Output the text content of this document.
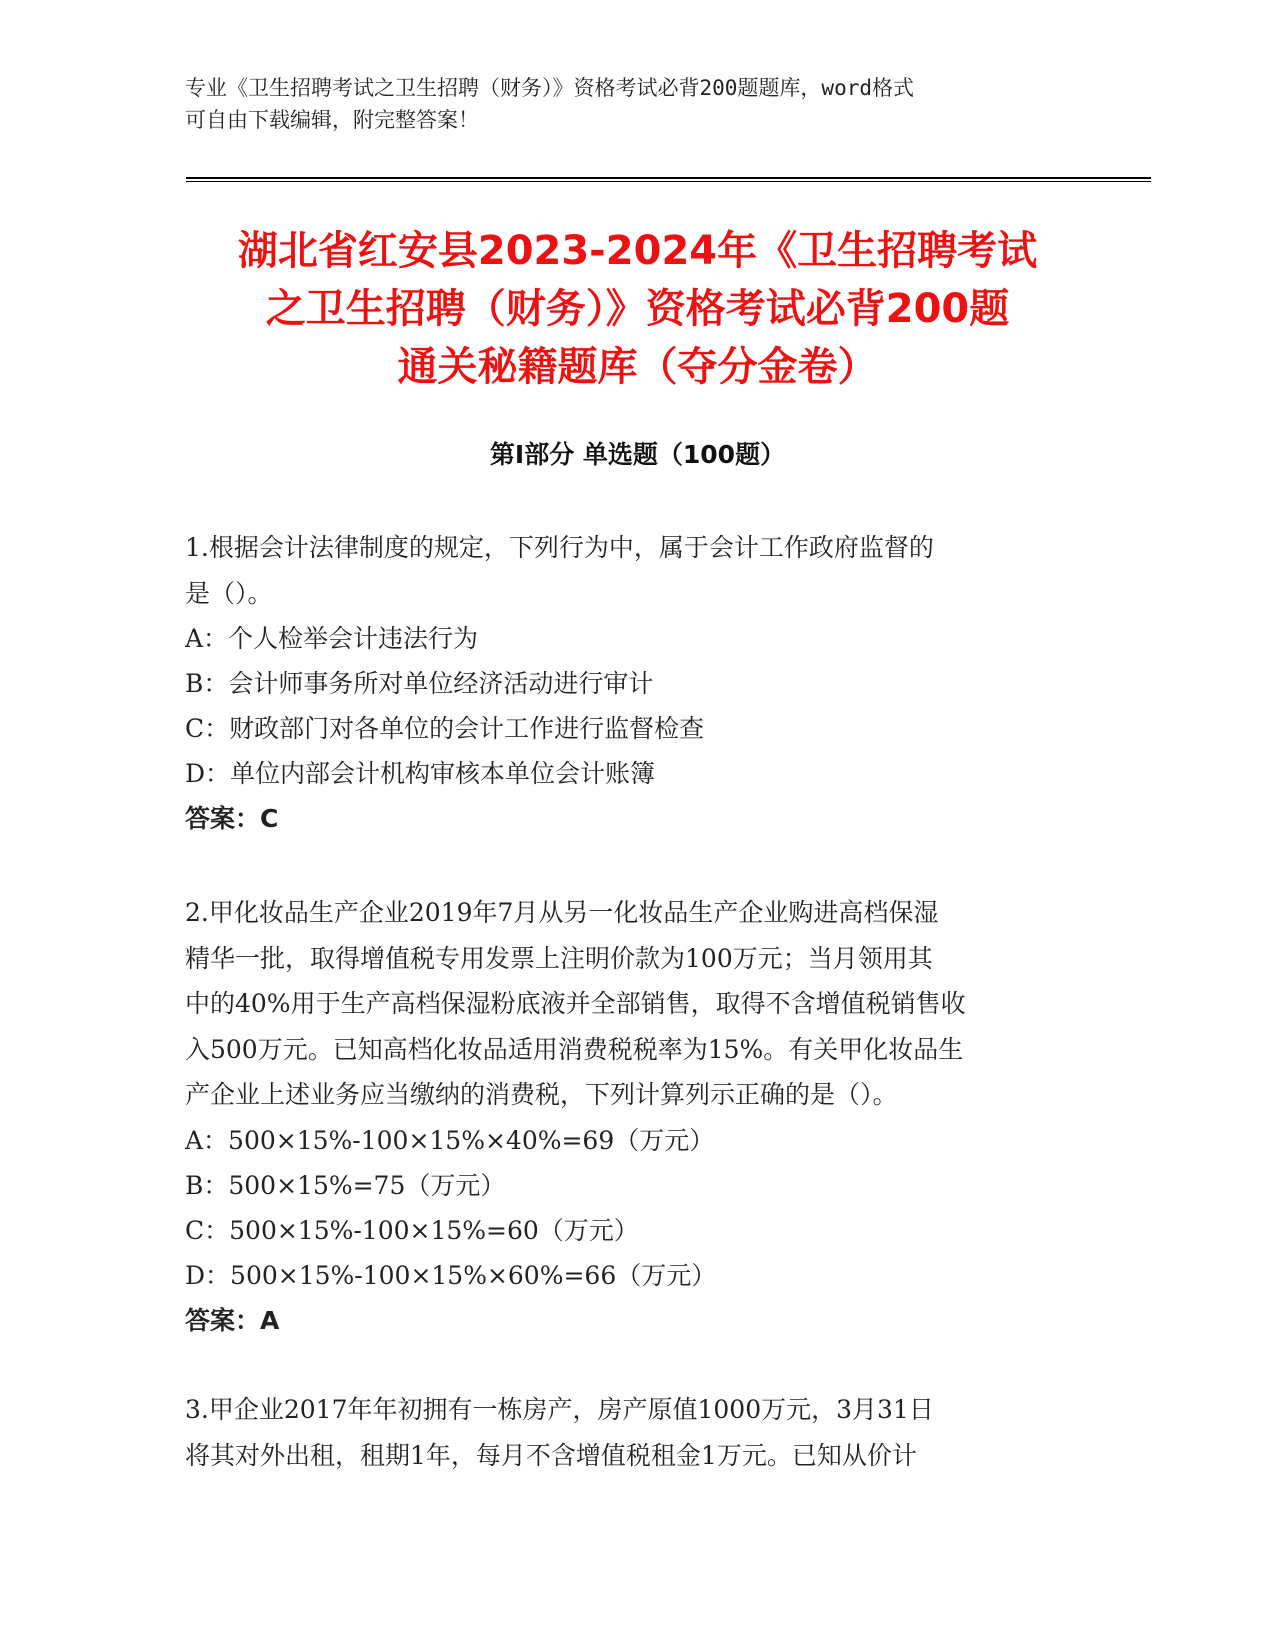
专业《卫生招聘考试之卫生招聘（财务）》资格考试必背200题题库，word格式
可自由下载编辑，附完整答案！
湖北省红安县2023-2024年《卫生招聘考试
之卫生招聘（财务）》资格考试必背200题
通关秘籍题库（夺分金卷）
第I部分 单选题（100题）
1.根据会计法律制度的规定，下列行为中，属于会计工作政府监督的
是（）。
A：个人检举会计违法行为
B：会计师事务所对单位经济活动进行审计
C：财政部门对各单位的会计工作进行监督检查
D：单位内部会计机构审核本单位会计账簿
答案：C
2.甲化妆品生产企业2019年7月从另一化妆品生产企业购进高档保湿
精华一批，取得增值税专用发票上注明价款为100万元；当月领用其
中的40%用于生产高档保湿粉底液并全部销售，取得不含增值税销售收
入500万元。已知高档化妆品适用消费税税率为15%。有关甲化妆品生
产企业上述业务应当缴纳的消费税，下列计算列示正确的是（）。
A：500×15%-100×15%×40%=69（万元）
B：500×15%=75（万元）
C：500×15%-100×15%=60（万元）
D：500×15%-100×15%×60%=66（万元）
答案：A
3.甲企业2017年年初拥有一栋房产，房产原值1000万元，3月31日
将其对外出租，租期1年，每月不含增值税租金1万元。已知从价计
